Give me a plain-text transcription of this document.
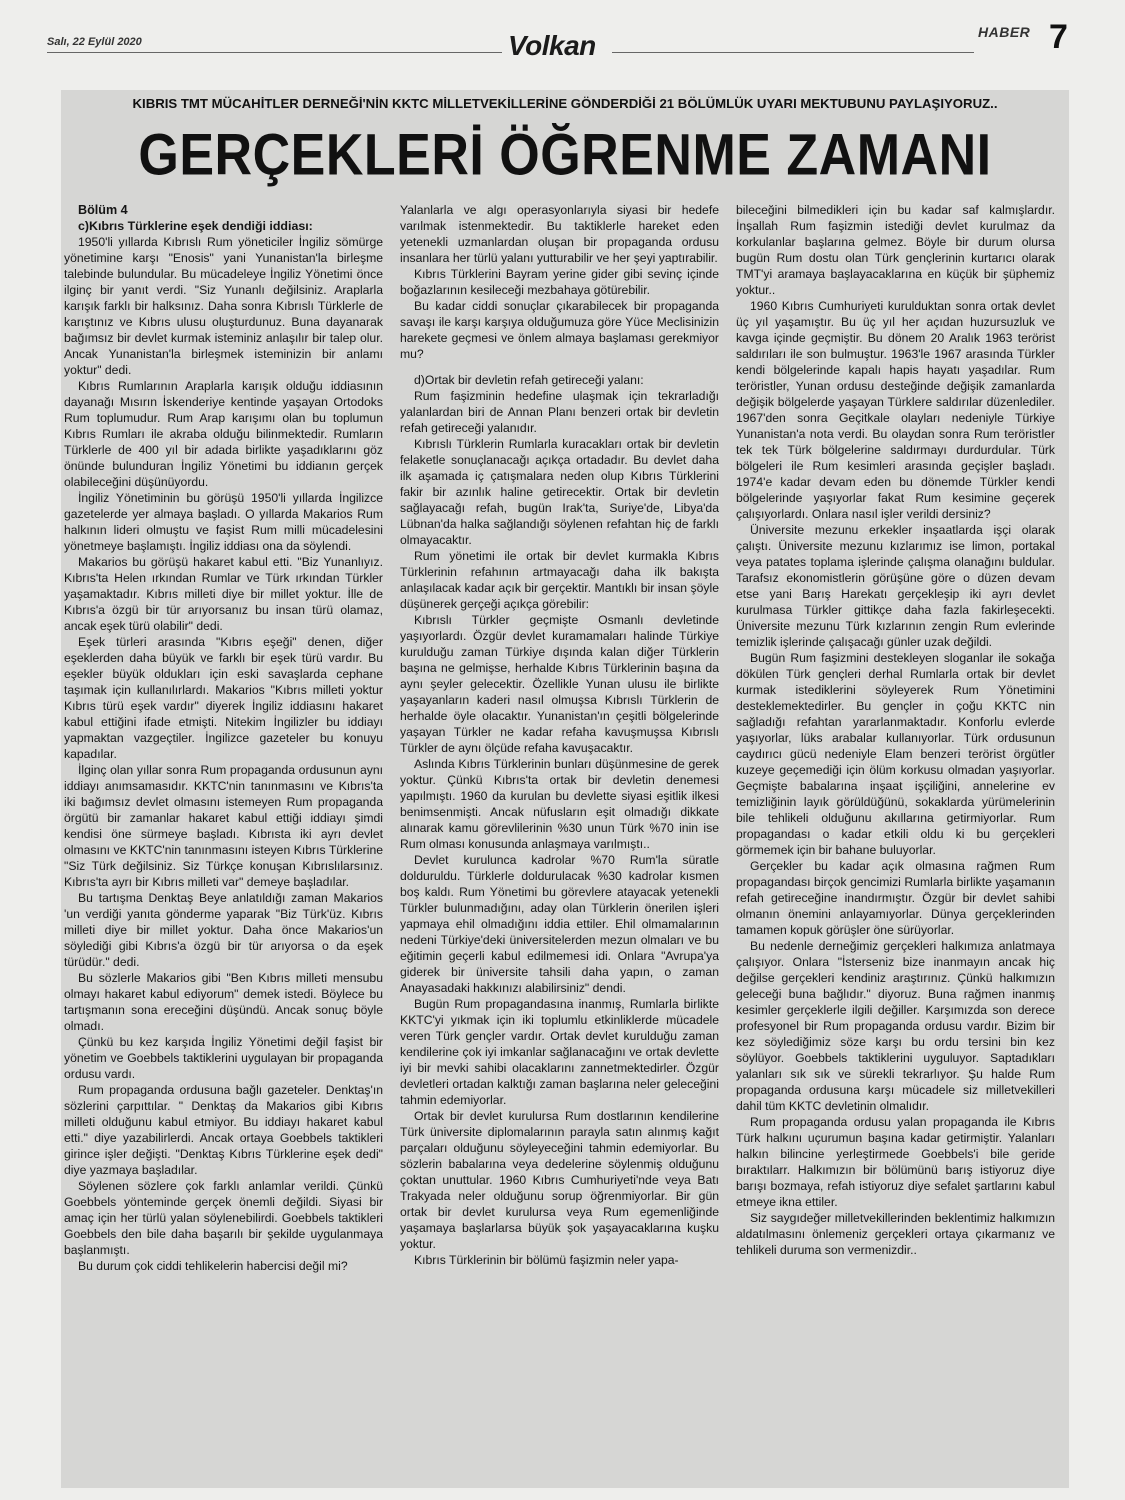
Salı, 22 Eylül 2020	Volkan	HABER 7
KIBRIS TMT MÜCAHİTLER DERNEĞİ'NİN KKTC MİLLETVEKİLLERİNE GÖNDERDİĞİ 21 BÖLÜMLÜK UYARI MEKTUBUNU PAYLAŞIYORUZ..
GERÇEKLERİ ÖĞRENME ZAMANI

Bölüm 4

c)Kıbrıs Türklerine eşek dendiği iddiası:

1950'li yıllarda Kıbrıslı Rum yöneticiler İngiliz sömürge yönetimine karşı "Enosis" yani Yunanistan'la birleşme talebinde bulundular. Bu mücadeleye İngiliz Yönetimi önce ilginç bir yanıt verdi. "Siz Yunanlı değilsiniz. Araplarla karışık farklı bir halksınız. Daha sonra Kıbrıslı Türklerle de karıştınız ve Kıbrıs ulusu oluşturdunuz. Buna dayanarak bağımsız bir devlet kurmak isteminiz anlaşılır bir talep olur. Ancak Yunanistan'la birleşmek isteminizin bir anlamı yoktur" dedi.

Kıbrıs Rumlarının Araplarla karışık olduğu iddiasının dayanağı Mısırın İskenderiye kentinde yaşayan Ortodoks Rum toplumudur. Rum Arap karışımı olan bu toplumun Kıbrıs Rumları ile akraba olduğu bilinmektedir. Rumların Türklerle de 400 yıl bir adada birlikte yaşadıklarını göz önünde bulunduran İngiliz Yönetimi bu iddianın gerçek olabileceğini düşünüyordu.

İngiliz Yönetiminin bu görüşü 1950'li yıllarda İngilizce gazetelerde yer almaya başladı. O yıllarda Makarios Rum halkının lideri olmuştu ve faşist Rum milli mücadelesini yönetmeye başlamıştı. İngiliz iddiası ona da söylendi.

Makarios bu görüşü hakaret kabul etti. "Biz Yunanlıyız. Kıbrıs'ta Helen ırkından Rumlar ve Türk ırkından Türkler yaşamaktadır. Kıbrıs milleti diye bir millet yoktur. İlle de Kıbrıs'a özgü bir tür arıyorsanız bu insan türü olamaz, ancak eşek türü olabilir" dedi.

Eşek türleri arasında "Kıbrıs eşeği" denen, diğer eşeklerden daha büyük ve farklı bir eşek türü vardır. Bu eşekler büyük oldukları için eski savaşlarda cephane taşımak için kullanılırlardı. Makarios "Kıbrıs milleti yoktur Kıbrıs türü eşek vardır" diyerek İngiliz iddiasını hakaret kabul ettiğini ifade etmişti. Nitekim İngilizler bu iddiayı yapmaktan vazgeçtiler. İngilizce gazeteler bu konuyu kapadılar.

İlginç olan yıllar sonra Rum propaganda ordusunun aynı iddiayı anımsamasıdır. KKTC'nin tanınmasını ve Kıbrıs'ta iki bağımsız devlet olmasını istemeyen Rum propaganda örgütü bir zamanlar hakaret kabul ettiği iddiayı şimdi kendisi öne sürmeye başladı. Kıbrısta iki ayrı devlet olmasını ve KKTC'nin tanınmasını isteyen Kıbrıs Türklerine "Siz Türk değilsiniz. Siz Türkçe konuşan Kıbrıslılarsınız. Kıbrıs'ta ayrı bir Kıbrıs milleti var" demeye başladılar.

Bu tartışma Denktaş Beye anlatıldığı zaman Makarios 'un verdiği yanıta gönderme yaparak "Biz Türk'üz. Kıbrıs milleti diye bir millet yoktur. Daha önce Makarios'un söylediği gibi Kıbrıs'a özgü bir tür arıyorsa o da eşek türüdür." dedi.

Bu sözlerle Makarios gibi "Ben Kıbrıs milleti mensubu olmayı hakaret kabul ediyorum" demek istedi. Böylece bu tartışmanın sona ereceğini düşündü. Ancak sonuç böyle olmadı.

Çünkü bu kez karşıda İngiliz Yönetimi değil faşist bir yönetim ve Goebbels taktiklerini uygulayan bir propaganda ordusu vardı.

Rum propaganda ordusuna bağlı gazeteler. Denktaş'ın sözlerini çarpıttılar. " Denktaş da Makarios gibi Kıbrıs milleti olduğunu kabul etmiyor. Bu iddiayı hakaret kabul etti." diye yazabilirlerdi. Ancak ortaya Goebbels taktikleri girince işler değişti. "Denktaş Kıbrıs Türklerine eşek dedi" diye yazmaya başladılar.

Söylenen sözlere çok farklı anlamlar verildi. Çünkü Goebbels yönteminde gerçek önemli değildi. Siyasi bir amaç için her türlü yalan söylenebilirdi. Goebbels taktikleri Goebbels den bile daha başarılı bir şekilde uygulanmaya başlanmıştı.

Bu durum çok ciddi tehlikelerin habercisi değil mi?

Yalanlarla ve algı operasyonlarıyla siyasi bir hedefe varılmak istenmektedir. Bu taktiklerle hareket eden yetenekli uzmanlardan oluşan bir propaganda ordusu insanlara her türlü yalanı yutturabilir ve her şeyi yaptırabilir.

Kıbrıs Türklerini Bayram yerine gider gibi sevinç içinde boğazlarının kesileceği mezbahaya götürebilir.

Bu kadar ciddi sonuçlar çıkarabilecek bir propaganda savaşı ile karşı karşıya olduğumuza göre Yüce Meclisinizin harekete geçmesi ve önlem almaya başlaması gerekmiyor mu?

d)Ortak bir devletin refah getireceği yalanı:

Rum faşizminin hedefine ulaşmak için tekrarladığı yalanlardan biri de Annan Planı benzeri ortak bir devletin refah getireceği yalanıdır.

Kıbrıslı Türklerin Rumlarla kuracakları ortak bir devletin felaketle sonuçlanacağı açıkça ortadadır. Bu devlet daha ilk aşamada iç çatışmalara neden olup Kıbrıs Türklerini fakir bir azınlık haline getirecektir. Ortak bir devletin sağlayacağı refah, bugün Irak'ta, Suriye'de, Libya'da Lübnan'da halka sağlandığı söylenen refahtan hiç de farklı olmayacaktır.

Rum yönetimi ile ortak bir devlet kurmakla Kıbrıs Türklerinin refahının artmayacağı daha ilk bakışta anlaşılacak kadar açık bir gerçektir. Mantıklı bir insan şöyle düşünerek gerçeği açıkça görebilir:

Kıbrıslı Türkler geçmişte Osmanlı devletinde yaşıyorlardı. Özgür devlet kuramamaları halinde Türkiye kurulduğu zaman Türkiye dışında kalan diğer Türklerin başına ne gelmişse, herhalde Kıbrıs Türklerinin başına da aynı şeyler gelecektir. Özellikle Yunan ulusu ile birlikte yaşayanların kaderi nasıl olmuşsa Kıbrıslı Türklerin de herhalde öyle olacaktır. Yunanistan'ın çeşitli bölgelerinde yaşayan Türkler ne kadar refaha kavuşmuşsa Kıbrıslı Türkler de aynı ölçüde refaha kavuşacaktır.

Aslında Kıbrıs Türklerinin bunları düşünmesine de gerek yoktur. Çünkü Kıbrıs'ta ortak bir devletin denemesi yapılmıştı. 1960 da kurulan bu devlette siyasi eşitlik ilkesi benimsenmişti. Ancak nüfusların eşit olmadığı dikkate alınarak kamu görevlilerinin %30 unun Türk %70 inin ise Rum olması konusunda anlaşmaya varılmıştı..

Devlet kurulunca kadrolar %70 Rum'la süratle dolduruldu. Türklerle doldurulacak %30 kadrolar kısmen boş kaldı. Rum Yönetimi bu görevlere atayacak yetenekli Türkler bulunmadığını, aday olan Türklerin önerilen işleri yapmaya ehil olmadığını iddia ettiler. Ehil olmamalarının nedeni Türkiye'deki üniversitelerden mezun olmaları ve bu eğitimin geçerli kabul edilmemesi idi. Onlara "Avrupa'ya giderek bir üniversite tahsili daha yapın, o zaman Anayasadaki hakkınızı alabilirsiniz" dendi.

Bugün Rum propagandasına inanmış, Rumlarla birlikte KKTC'yi yıkmak için iki toplumlu etkinliklerde mücadele veren Türk gençler vardır. Ortak devlet kurulduğu zaman kendilerine çok iyi imkanlar sağlanacağını ve ortak devlette iyi bir mevki sahibi olacaklarını zannetmektedirler. Özgür devletleri ortadan kalktığı zaman başlarına neler geleceğini tahmin edemiyorlar.

Ortak bir devlet kurulursa Rum dostlarının kendilerine Türk üniversite diplomalarının parayla satın alınmış kağıt parçaları olduğunu söyleyeceğini tahmin edemiyorlar. Bu sözlerin babalarına veya dedelerine söylenmiş olduğunu çoktan unuttular. 1960 Kıbrıs Cumhuriyeti'nde veya Batı Trakyada neler olduğunu sorup öğrenmiyorlar. Bir gün ortak bir devlet kurulursa veya Rum egemenliğinde yaşamaya başlarlarsa büyük şok yaşayacaklarına kuşku yoktur.

Kıbrıs Türklerinin bir bölümü faşizmin neler yapa-

bileceğini bilmedikleri için bu kadar saf kalmışlardır. İnşallah Rum faşizmin istediği devlet kurulmaz da korkulanlar başlarına gelmez. Böyle bir durum olursa bugün Rum dostu olan Türk gençlerinin kurtarıcı olarak TMT'yi aramaya başlayacaklarına en küçük bir şüphemiz yoktur..

1960 Kıbrıs Cumhuriyeti kurulduktan sonra ortak devlet üç yıl yaşamıştır. Bu üç yıl her açıdan huzursuzluk ve kavga içinde geçmiştir. Bu dönem 20 Aralık 1963 terörist saldırıları ile son bulmuştur. 1963'le 1967 arasında Türkler kendi bölgelerinde kapalı hapis hayatı yaşadılar. Rum teröristler, Yunan ordusu desteğinde değişik zamanlarda değişik bölgelerde yaşayan Türklere saldırılar düzenlediler. 1967'den sonra Geçitkale olayları nedeniyle Türkiye Yunanistan'a nota verdi. Bu olaydan sonra Rum teröristler tek tek Türk bölgelerine saldırmayı durdurdular. Türk bölgeleri ile Rum kesimleri arasında geçişler başladı. 1974'e kadar devam eden bu dönemde Türkler kendi bölgelerinde yaşıyorlar fakat Rum kesimine geçerek çalışıyorlardı. Onlara nasıl işler verildi dersiniz?

Üniversite mezunu erkekler inşaatlarda işçi olarak çalıştı. Üniversite mezunu kızlarımız ise limon, portakal veya patates toplama işlerinde çalışma olanağını buldular. Tarafsız ekonomistlerin görüşüne göre o düzen devam etse yani Barış Harekatı gerçekleşip iki ayrı devlet kurulmasa Türkler gittikçe daha fazla fakirleşecekti. Üniversite mezunu Türk kızlarının zengin Rum evlerinde temizlik işlerinde çalışacağı günler uzak değildi.

Bugün Rum faşizmini destekleyen sloganlar ile sokağa dökülen Türk gençleri derhal Rumlarla ortak bir devlet kurmak istediklerini söyleyerek Rum Yönetimini desteklemektedirler. Bu gençler in çoğu KKTC nin sağladığı refahtan yararlanmaktadır. Konforlu evlerde yaşıyorlar, lüks arabalar kullanıyorlar. Türk ordusunun caydırıcı gücü nedeniyle Elam benzeri terörist örgütler kuzeye geçemediği için ölüm korkusu olmadan yaşıyorlar. Geçmişte babalarına inşaat işçiliğini, annelerine ev temizliğinin layık görüldüğünü, sokaklarda yürümelerinin bile tehlikeli olduğunu akıllarına getirmiyorlar. Rum propagandası o kadar etkili oldu ki bu gerçekleri görmemek için bir bahane buluyorlar.

Gerçekler bu kadar açık olmasına rağmen Rum propagandası birçok gencimizi Rumlarla birlikte yaşamanın refah getireceğine inandırmıştır. Özgür bir devlet sahibi olmanın önemini anlayamıyorlar. Dünya gerçeklerinden tamamen kopuk görüşler öne sürüyorlar.

Bu nedenle derneğimiz gerçekleri halkımıza anlatmaya çalışıyor. Onlara "İsterseniz bize inanmayın ancak hiç değilse gerçekleri kendiniz araştırınız. Çünkü halkımızın geleceği buna bağlıdır." diyoruz. Buna rağmen inanmış kesimler gerçeklerle ilgili değiller. Karşımızda son derece profesyonel bir Rum propaganda ordusu vardır. Bizim bir kez söylediğimiz söze karşı bu ordu tersini bin kez söylüyor. Goebbels taktiklerini uyguluyor. Saptadıkları yalanları sık sık ve sürekli tekrarlıyor. Şu halde Rum propaganda ordusuna karşı mücadele siz milletvekilleri dahil tüm KKTC devletinin olmalıdır.

Rum propaganda ordusu yalan propaganda ile Kıbrıs Türk halkını uçurumun başına kadar getirmiştir. Yalanları halkın bilincine yerleştirmede Goebbels'i bile geride bıraktılarr. Halkımızın bir bölümünü barış istiyoruz diye barışı bozmaya, refah istiyoruz diye sefalet şartlarını kabul etmeye ikna ettiler.

Siz saygıdeğer milletvekillerinden beklentimiz halkımızın aldatılmasını önlemeniz gerçekleri ortaya çıkarmanız ve tehlikeli duruma son vermenizdir..
